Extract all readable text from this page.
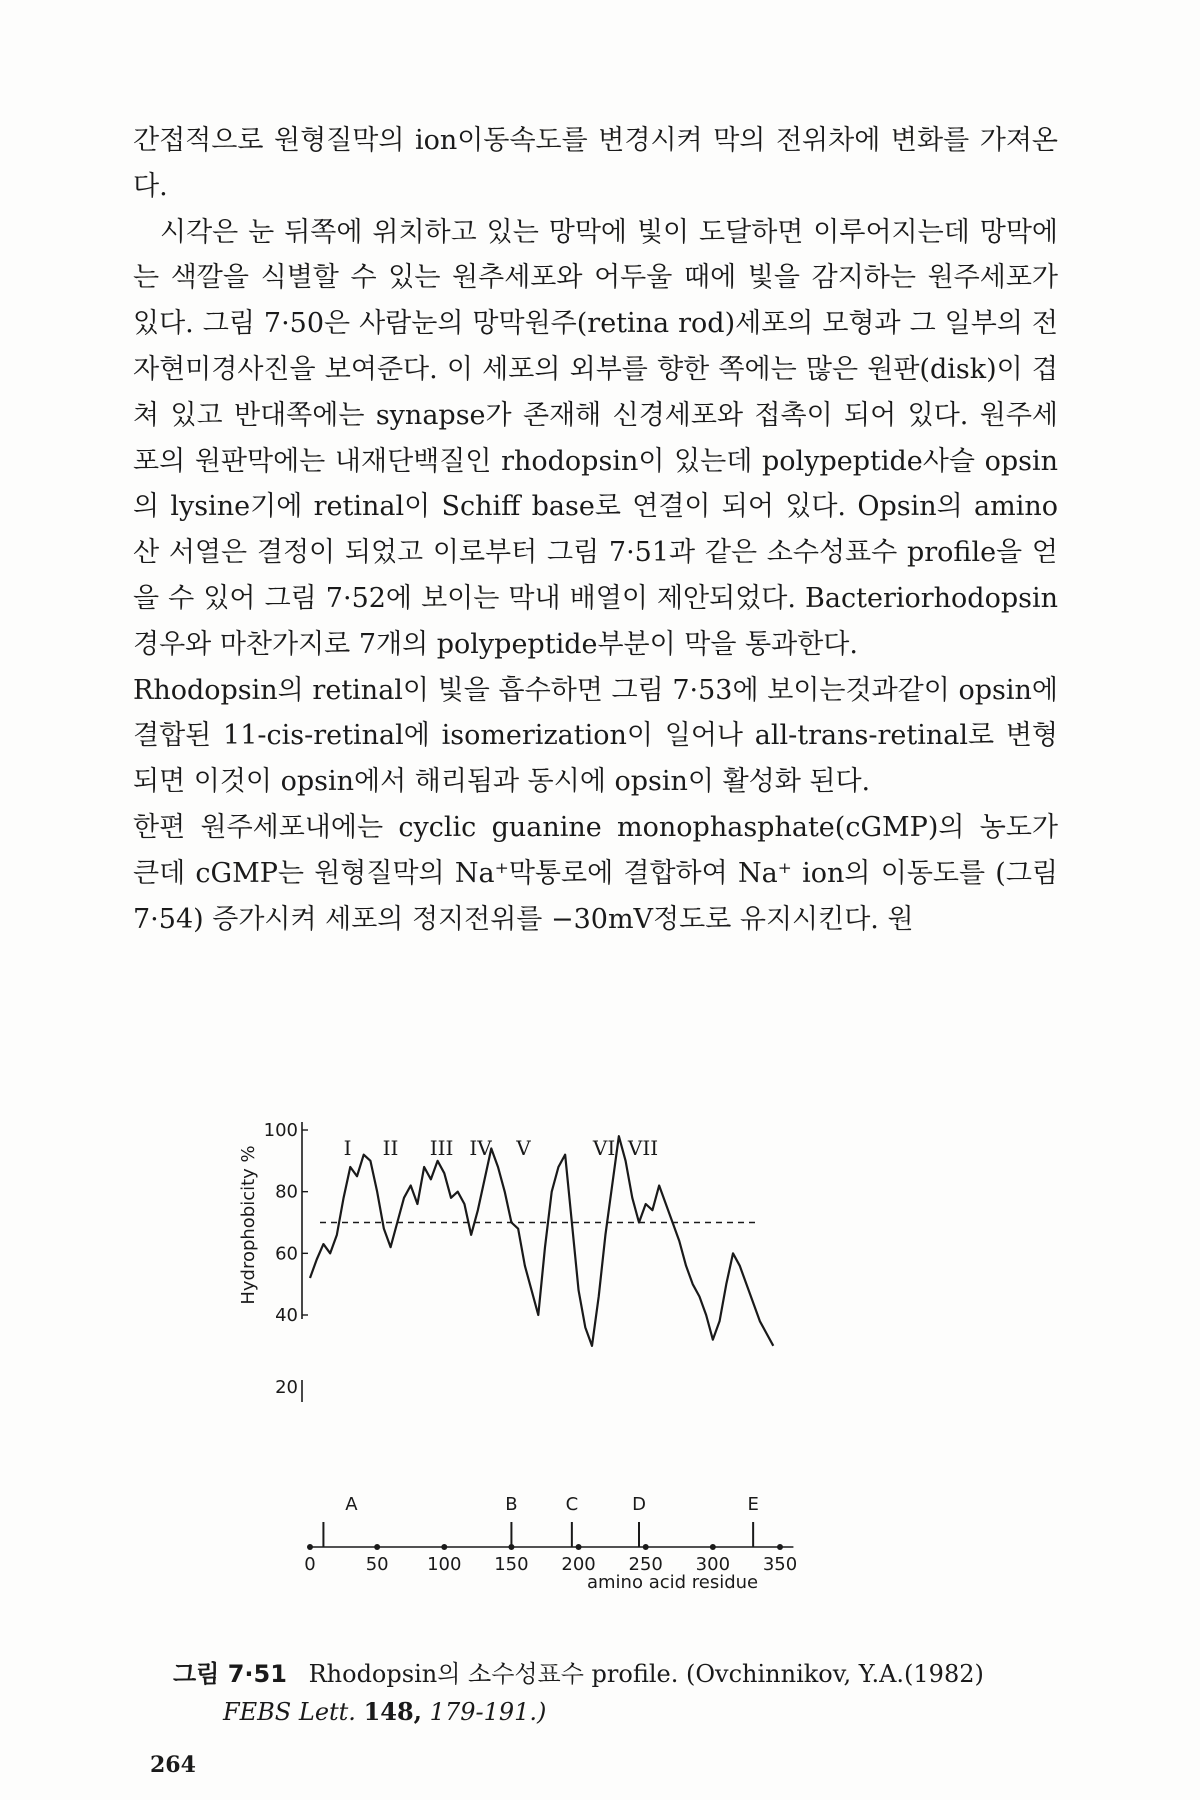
간접적으로 원형질막의 ion이동속도를 변경시켜 막의 전위차에 변화를 가져온다.

시각은 눈 뒤쪽에 위치하고 있는 망막에 빛이 도달하면 이루어지는데 망막에는 색깔을 식별할 수 있는 원추세포와 어두울 때에 빛을 감지하는 원주세포가 있다. 그림 7·50은 사람눈의 망막원주(retina rod)세포의 모형과 그 일부의 전자현미경사진을 보여준다. 이 세포의 외부를 향한 쪽에는 많은 원판(disk)이 겹쳐 있고 반대쪽에는 synapse가 존재해 신경세포와 접촉이 되어 있다. 원주세포의 원판막에는 내재단백질인 rhodopsin이 있는데 polypeptide사슬 opsin의 lysine기에 retinal이 Schiff base로 연결이 되어 있다. Opsin의 amino산 서열은 결정이 되었고 이로부터 그림 7·51과 같은 소수성표수 profile을 얻을 수 있어 그림 7·52에 보이는 막내 배열이 제안되었다. Bacteriorhodopsin경우와 마찬가지로 7개의 polypeptide부분이 막을 통과한다.

Rhodopsin의 retinal이 빛을 흡수하면 그림 7·53에 보이는것과같이 opsin에 결합된 11-cis-retinal에 isomerization이 일어나 all-trans-retinal로 변형되면 이것이 opsin에서 해리됨과 동시에 opsin이 활성화 된다.

한편 원주세포내에는 cyclic guanine monophasphate(cGMP)의 농도가 큰데 cGMP는 원형질막의 Na⁺막통로에 결합하여 Na⁺ ion의 이동도를 (그림 7·54) 증가시켜 세포의 정지전위를 −30mV정도로 유지시킨다. 원

Hydrophobicity %
100
80
60
40
20
I II III IV V	VI VII
0	50 100 150 200 250 300 350
amino acid residue
A	B	C	D	E
그림 7·51 Rhodopsin의 소수성표수 profile. (Ovchinnikov, Y.A.(1982)
FEBS Lett. 148, 179-191.)
264
